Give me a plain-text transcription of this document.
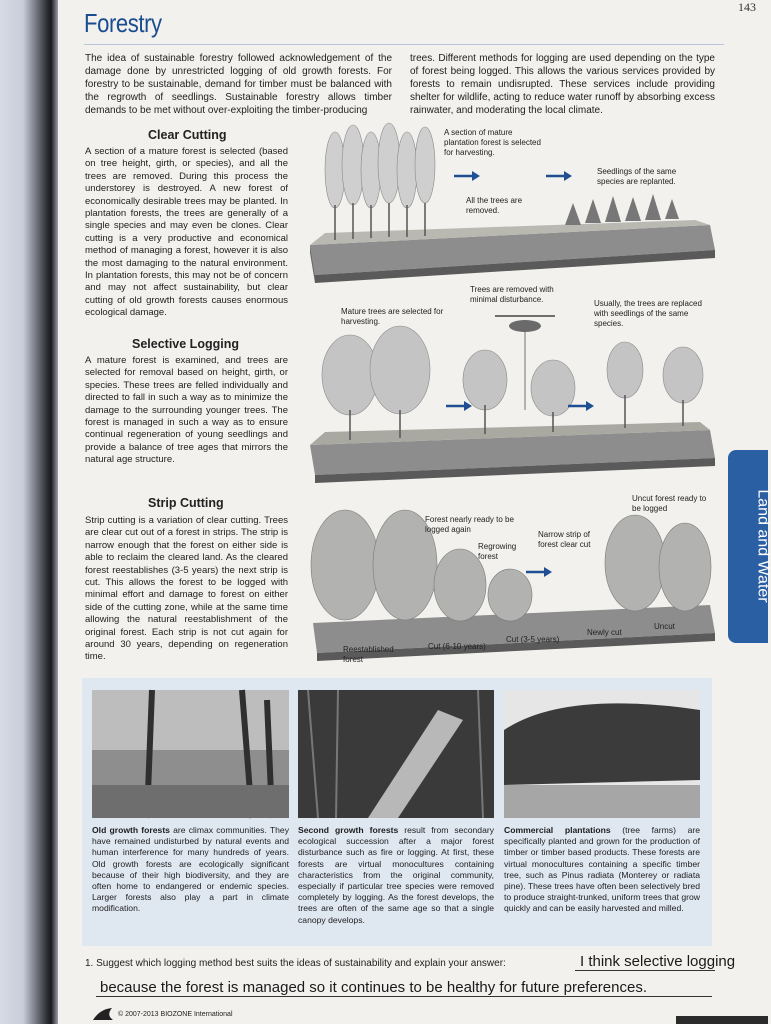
143
Forestry

The idea of sustainable forestry followed acknowledgement of the damage done by unrestricted logging of old growth forests. For forestry to be sustainable, demand for timber must be balanced with the regrowth of seedlings. Sustainable forestry allows timber demands to be met without over-exploiting the timber-producing

trees. Different methods for logging are used depending on the type of forest being logged. This allows the various services provided by forests to remain undisrupted. These services include providing shelter for wildlife, acting to reduce water runoff by absorbing excess rainwater, and moderating the local climate.

Clear Cutting

A section of a mature forest is selected (based on tree height, girth, or species), and all the trees are removed. During this process the understorey is destroyed. A new forest of economically desirable trees may be planted. In plantation forests, the trees are generally of a single species and may even be clones. Clear cutting is a very productive and economical method of managing a forest, however it is also the most damaging to the natural environment. In plantation forests, this may not be of concern and may not affect sustainability, but clear cutting of old growth forests causes enormous ecological damage.

A section of mature plantation forest is selected for harvesting.
All the trees are removed.
Seedlings of the same species are replanted.
Selective Logging

A mature forest is examined, and trees are selected for removal based on height, girth, or species. These trees are felled individually and directed to fall in such a way as to minimize the damage to the surrounding younger trees. The forest is managed in such a way as to ensure continual regeneration of young seedlings and provide a balance of tree ages that mirrors the natural age structure.

Mature trees are selected for harvesting.
Trees are removed with minimal disturbance.	Usually, the trees are replaced with seedlings of the same species.
Strip Cutting

Strip cutting is a variation of clear cutting. Trees are clear cut out of a forest in strips. The strip is narrow enough that the forest on either side is able to reclaim the cleared land. As the cleared forest reestablishes (3-5 years) the next strip is cut. This allows the forest to be logged with minimal effort and damage to forest on either side of the cutting zone, while at the same time allowing the natural reestablishment of the original forest. Each strip is not cut again for around 30 years, depending on regeneration time.

Forest nearly ready to be logged again
Regrowing forest
Narrow strip of forest clear cut
Uncut forest ready to be logged
Reestablished forest
Cut (6-10 years)
Cut (3-5 years)
Newly cut
Uncut

Old growth forests are climax communities. They have remained undisturbed by natural events and human interference for many hundreds of years. Old growth forests are ecologically significant because of their high biodiversity, and they are often home to endangered or endemic species. Larger forests also play a part in climate modification.

Second growth forests result from secondary ecological succession after a major forest disturbance such as fire or logging. At first, these forests are virtual monocultures containing characteristics from the original community, especially if particular tree species were removed completely by logging. As the forest develops, the trees are often of the same age so that a single canopy develops.

Commercial plantations (tree farms) are specifically planted and grown for the production of timber or timber based products. These forests are virtual monocultures containing a specific timber tree, such as Pinus radiata (Monterey or radiata pine). These trees have often been selectively bred to produce straight-trunked, uniform trees that grow quickly and can be easily harvested and milled.

Land and Water
1. Suggest which logging method best suits the ideas of sustainability and explain your answer:	I think selective logging
because the forest is managed so it continues to be healthy for future preferences.
© 2007-2013 BIOZONE International
